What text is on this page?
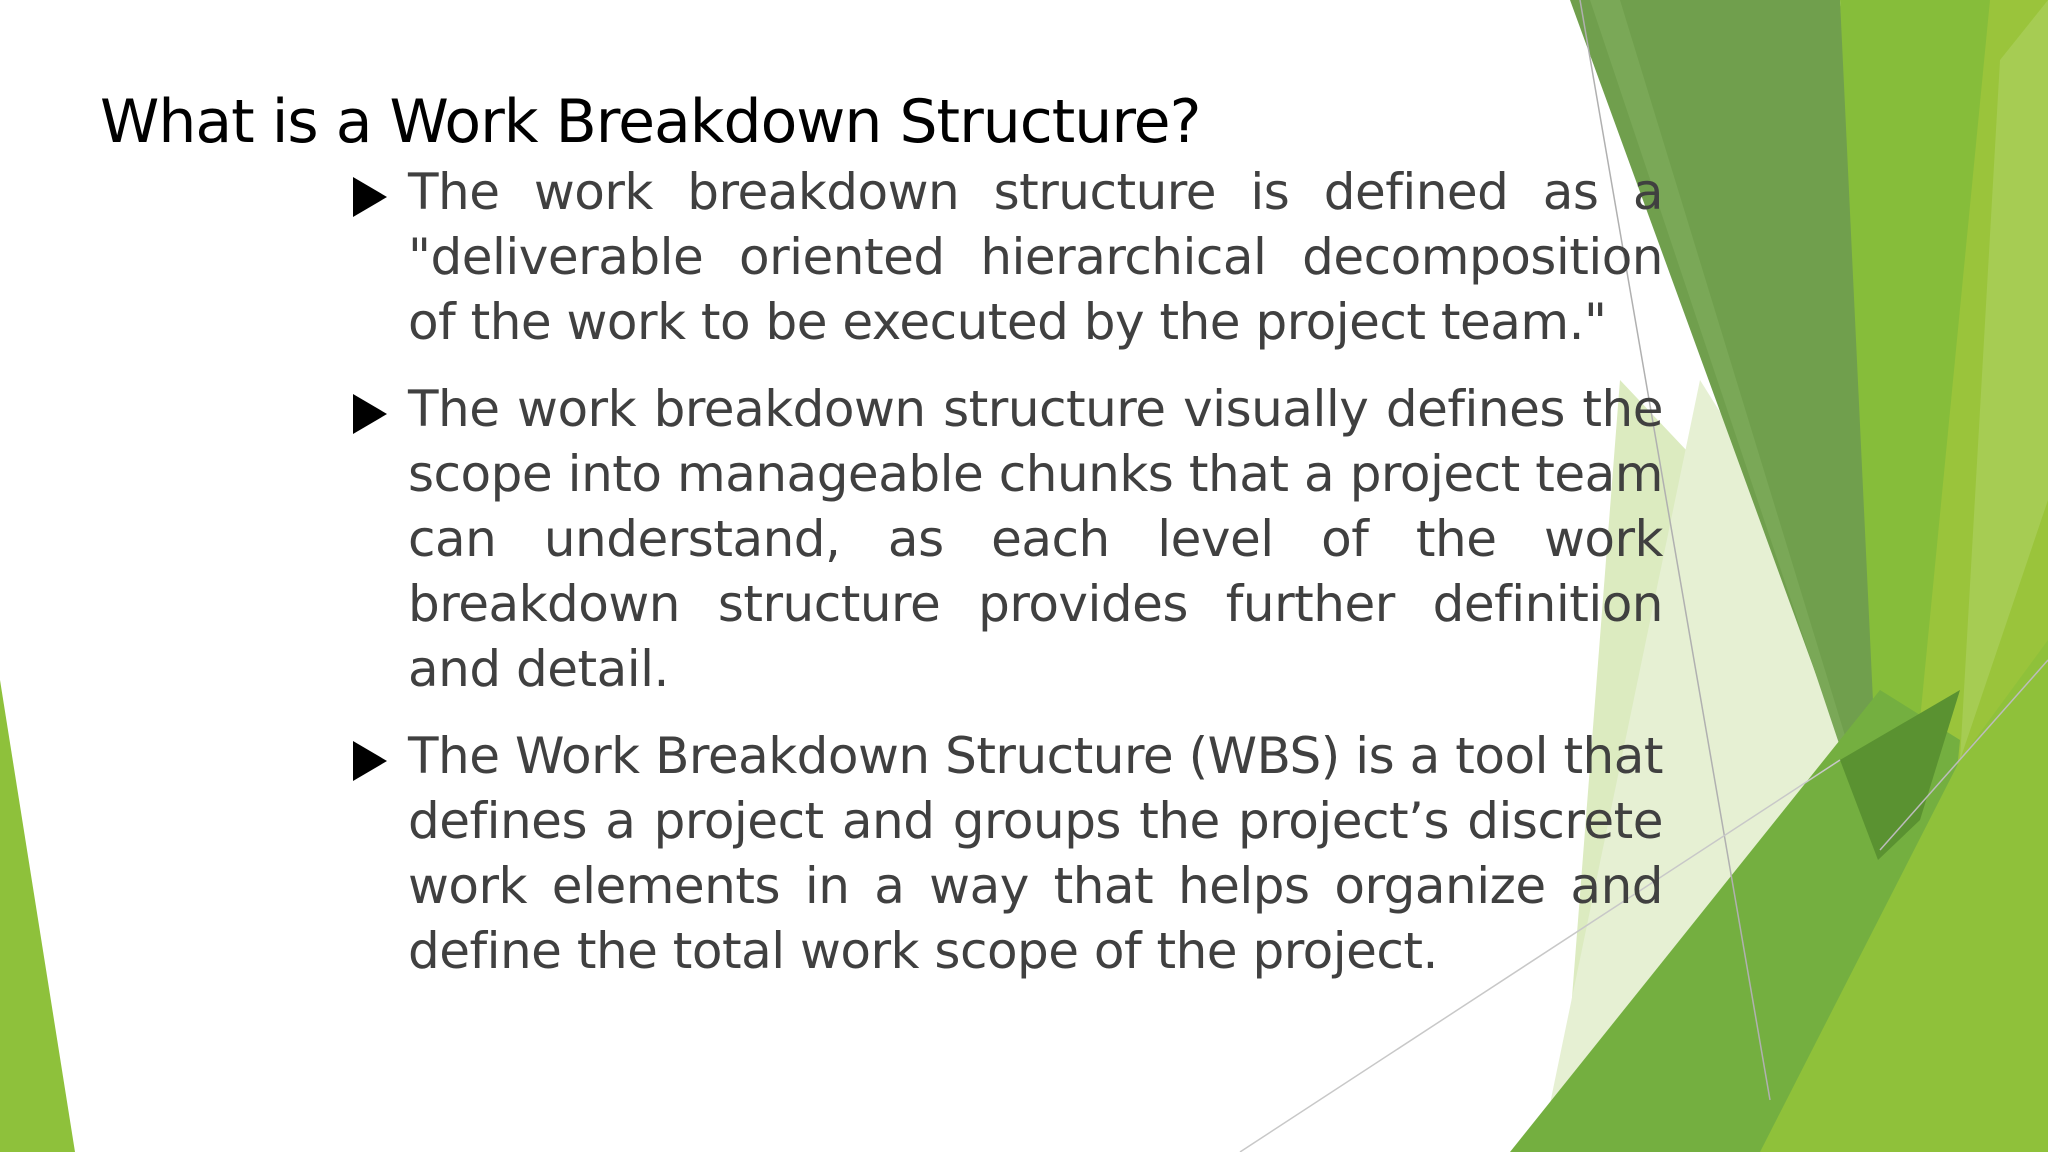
What is a Work Breakdown Structure?
The work breakdown structure is defined as a "deliverable oriented hierarchical decomposition of the work to be executed by the project team."
The work breakdown structure visually defines the scope into manageable chunks that a project team can understand, as each level of the work breakdown structure provides further definition and detail.
The Work Breakdown Structure (WBS) is a tool that defines a project and groups the project’s discrete work elements in a way that helps organize and define the total work scope of the project.
